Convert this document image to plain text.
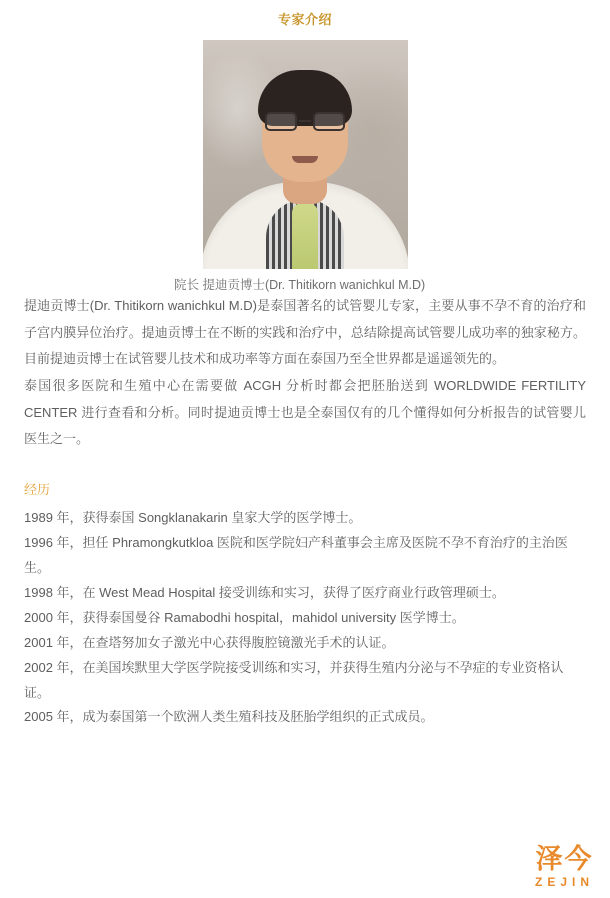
专家介绍
院长 提迪贡博士(Dr. Thitikorn wanichkul M.D)

提迪贡博士(Dr. Thitikorn wanichkul M.D)是泰国著名的试管婴儿专家，主要从事不孕不育的治疗和子宫内膜异位治疗。提迪贡博士在不断的实践和治疗中，总结除提高试管婴儿成功率的独家秘方。目前提迪贡博士在试管婴儿技术和成功率等方面在泰国乃至全世界都是遥遥领先的。

泰国很多医院和生殖中心在需要做 ACGH 分析时都会把胚胎送到 WORLDWIDE FERTILITY CENTER 进行查看和分析。同时提迪贡博士也是全泰国仅有的几个懂得如何分析报告的试管婴儿医生之一。

经历
1989 年，获得泰国 Songklanakarin 皇家大学的医学博士。
1996 年，担任 Phramongkutkloa 医院和医学院妇产科董事会主席及医院不孕不育治疗的主治医生。
1998 年，在 West Mead Hospital 接受训练和实习，获得了医疗商业行政管理硕士。
2000 年，获得泰国曼谷 Ramabodhi hospital，mahidol university 医学博士。
2001 年，在查塔努加女子激光中心获得腹腔镜激光手术的认证。
2002 年，在美国埃默里大学医学院接受训练和实习，并获得生殖内分泌与不孕症的专业资格认证。
2005 年，成为泰国第一个欧洲人类生殖科技及胚胎学组织的正式成员。
泽今
ZEJIN
